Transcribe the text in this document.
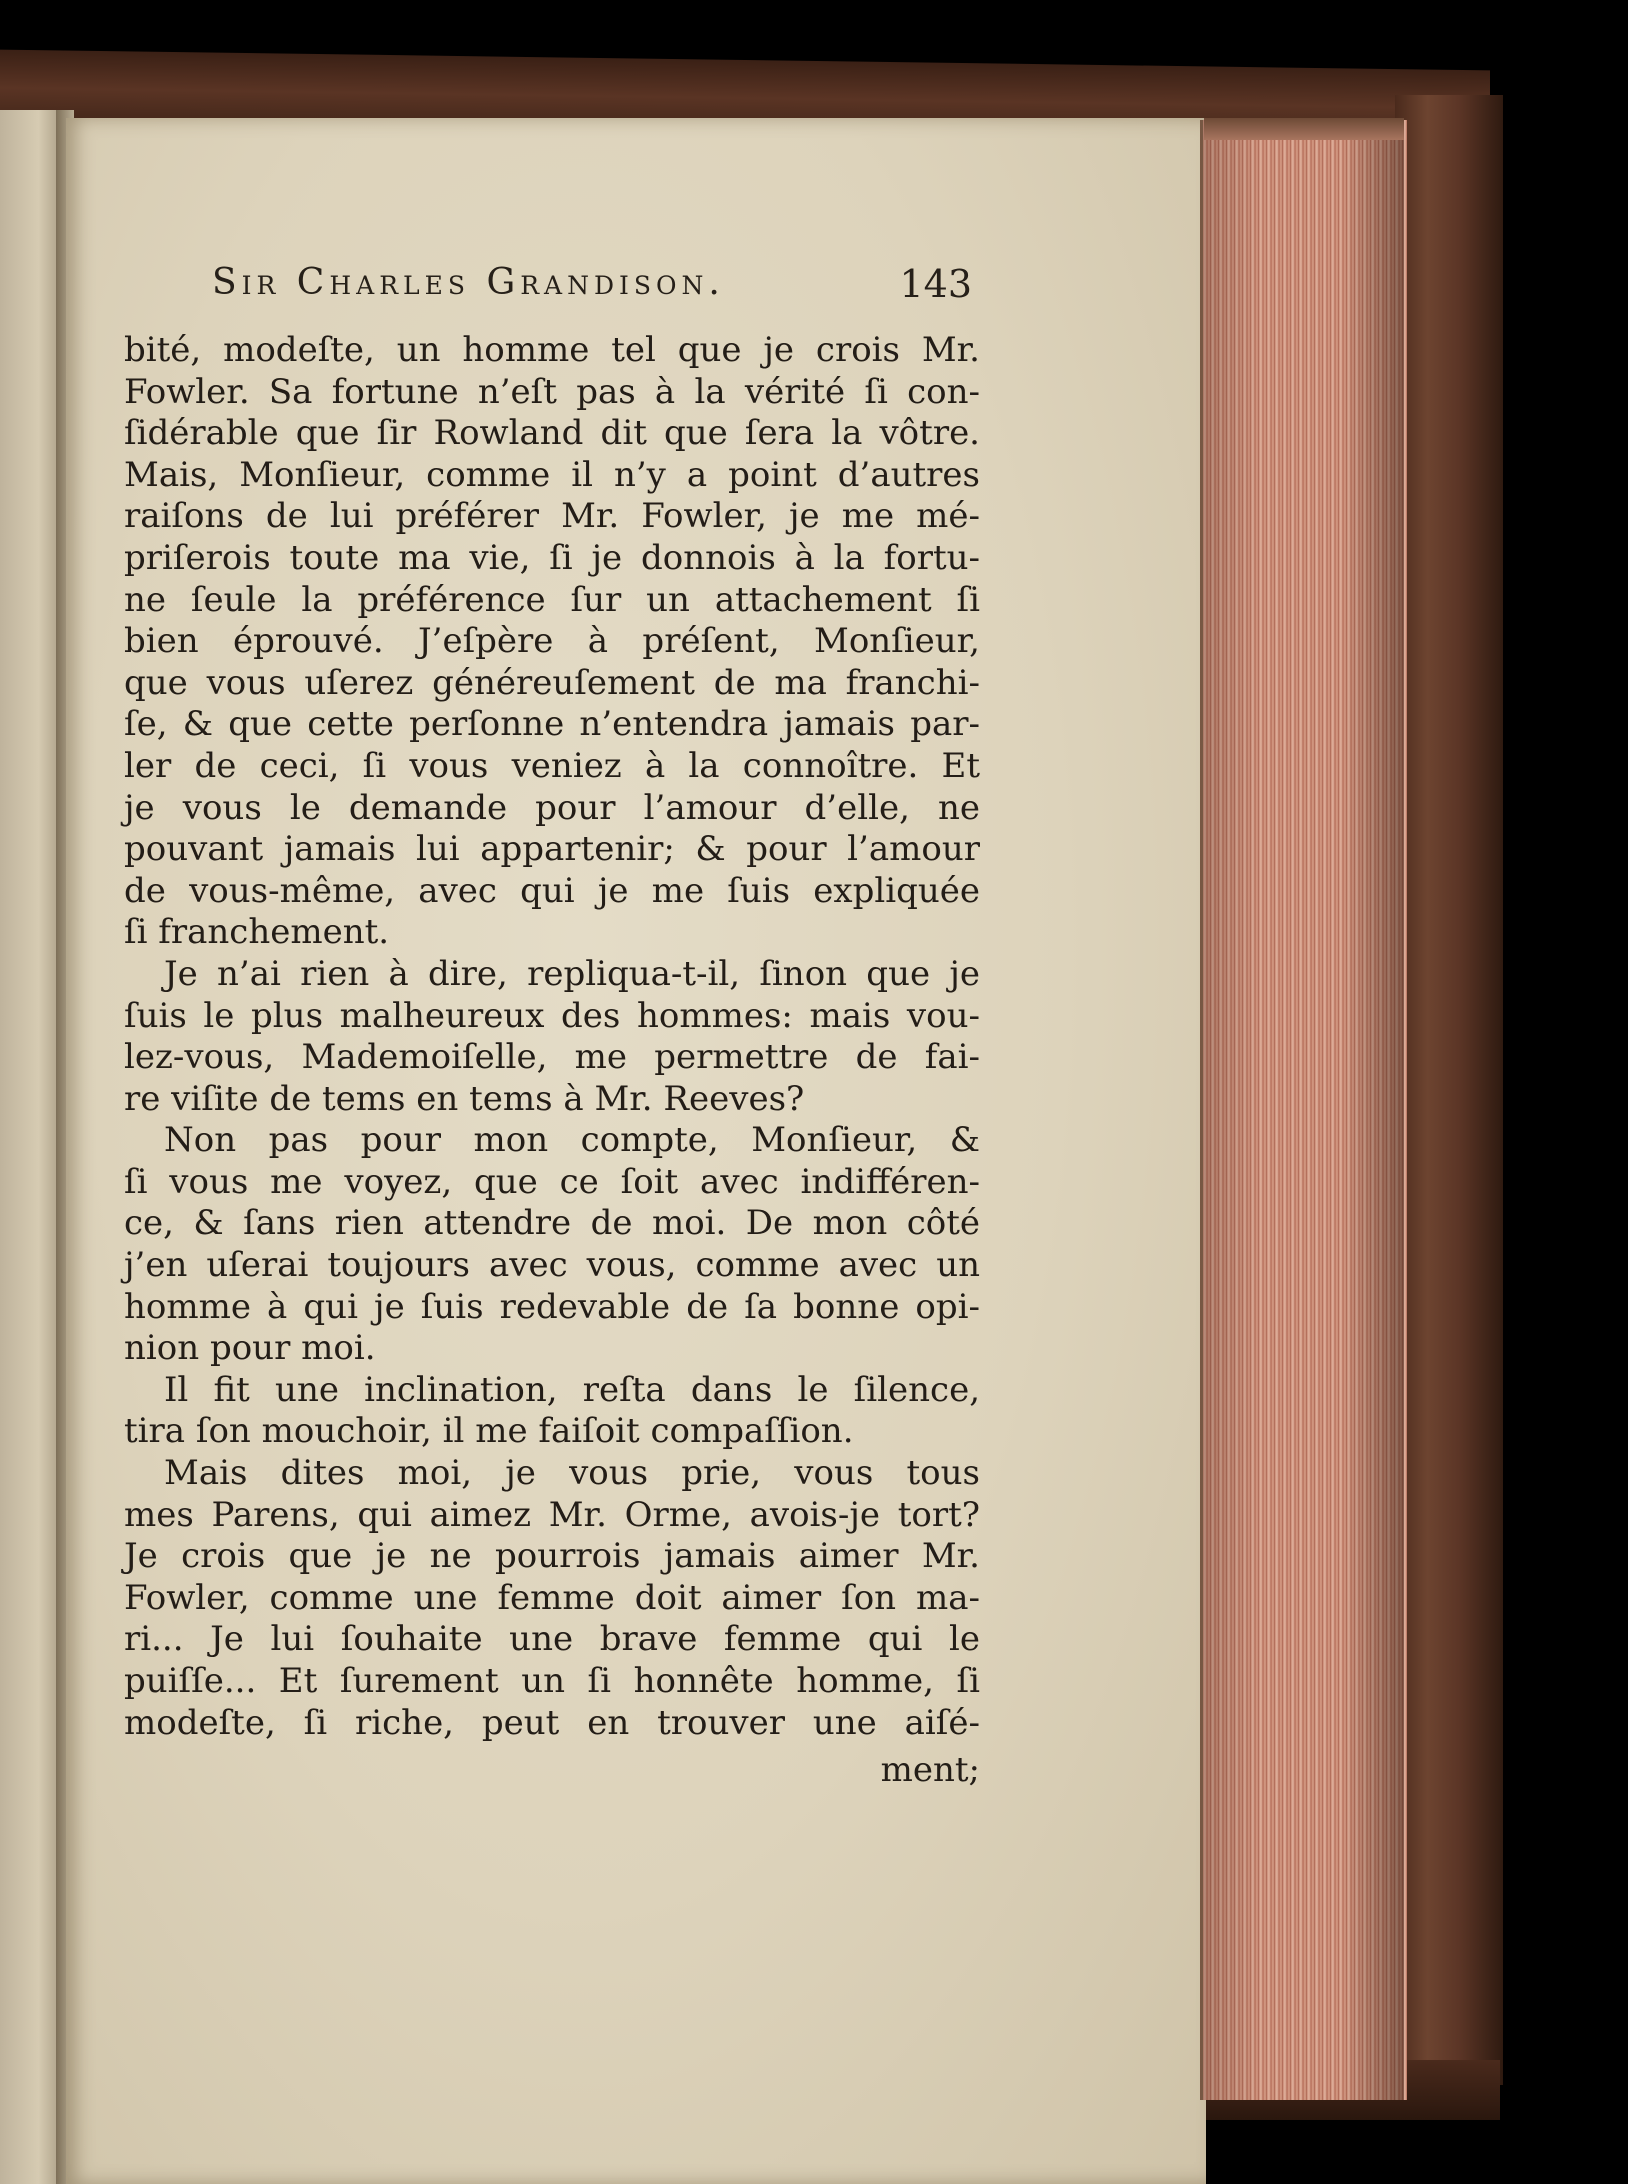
Sir Charles Grandison.	143
bité, modeſte, un homme tel que je crois Mr.
Fowler. Sa fortune n’eſt pas à la vérité ſi con-
ſidérable que ſir Rowland dit que ſera la vôtre.
Mais, Monſieur, comme il n’y a point d’autres
raiſons de lui préférer Mr. Fowler, je me mé-
priſerois toute ma vie, ſi je donnois à la fortu-
ne ſeule la préférence ſur un attachement ſi
bien éprouvé. J’eſpère à préſent, Monſieur,
que vous uſerez généreuſement de ma franchi-
ſe, & que cette perſonne n’entendra jamais par-
ler de ceci, ſi vous veniez à la connoître. Et
je vous le demande pour l’amour d’elle, ne
pouvant jamais lui appartenir; & pour l’amour
de vous-même, avec qui je me ſuis expliquée
ſi franchement.
Je n’ai rien à dire, repliqua-t-il, ſinon que je
ſuis le plus malheureux des hommes: mais vou-
lez-vous, Mademoiſelle, me permettre de fai-
re viſite de tems en tems à Mr. Reeves?
Non pas pour mon compte, Monſieur, &
ſi vous me voyez, que ce ſoit avec indifféren-
ce, & ſans rien attendre de moi. De mon côté
j’en uſerai toujours avec vous, comme avec un
homme à qui je ſuis redevable de ſa bonne opi-
nion pour moi.
Il fit une inclination, reſta dans le ſilence,
tira ſon mouchoir, il me faiſoit compaſſion.
Mais dites moi, je vous prie, vous tous
mes Parens, qui aimez Mr. Orme, avois-je tort?
Je crois que je ne pourrois jamais aimer Mr.
Fowler, comme une femme doit aimer ſon ma-
ri... Je lui ſouhaite une brave femme qui le
puiſſe... Et ſurement un ſi honnête homme, ſi
modeſte, ſi riche, peut en trouver une aiſé-
ment;
